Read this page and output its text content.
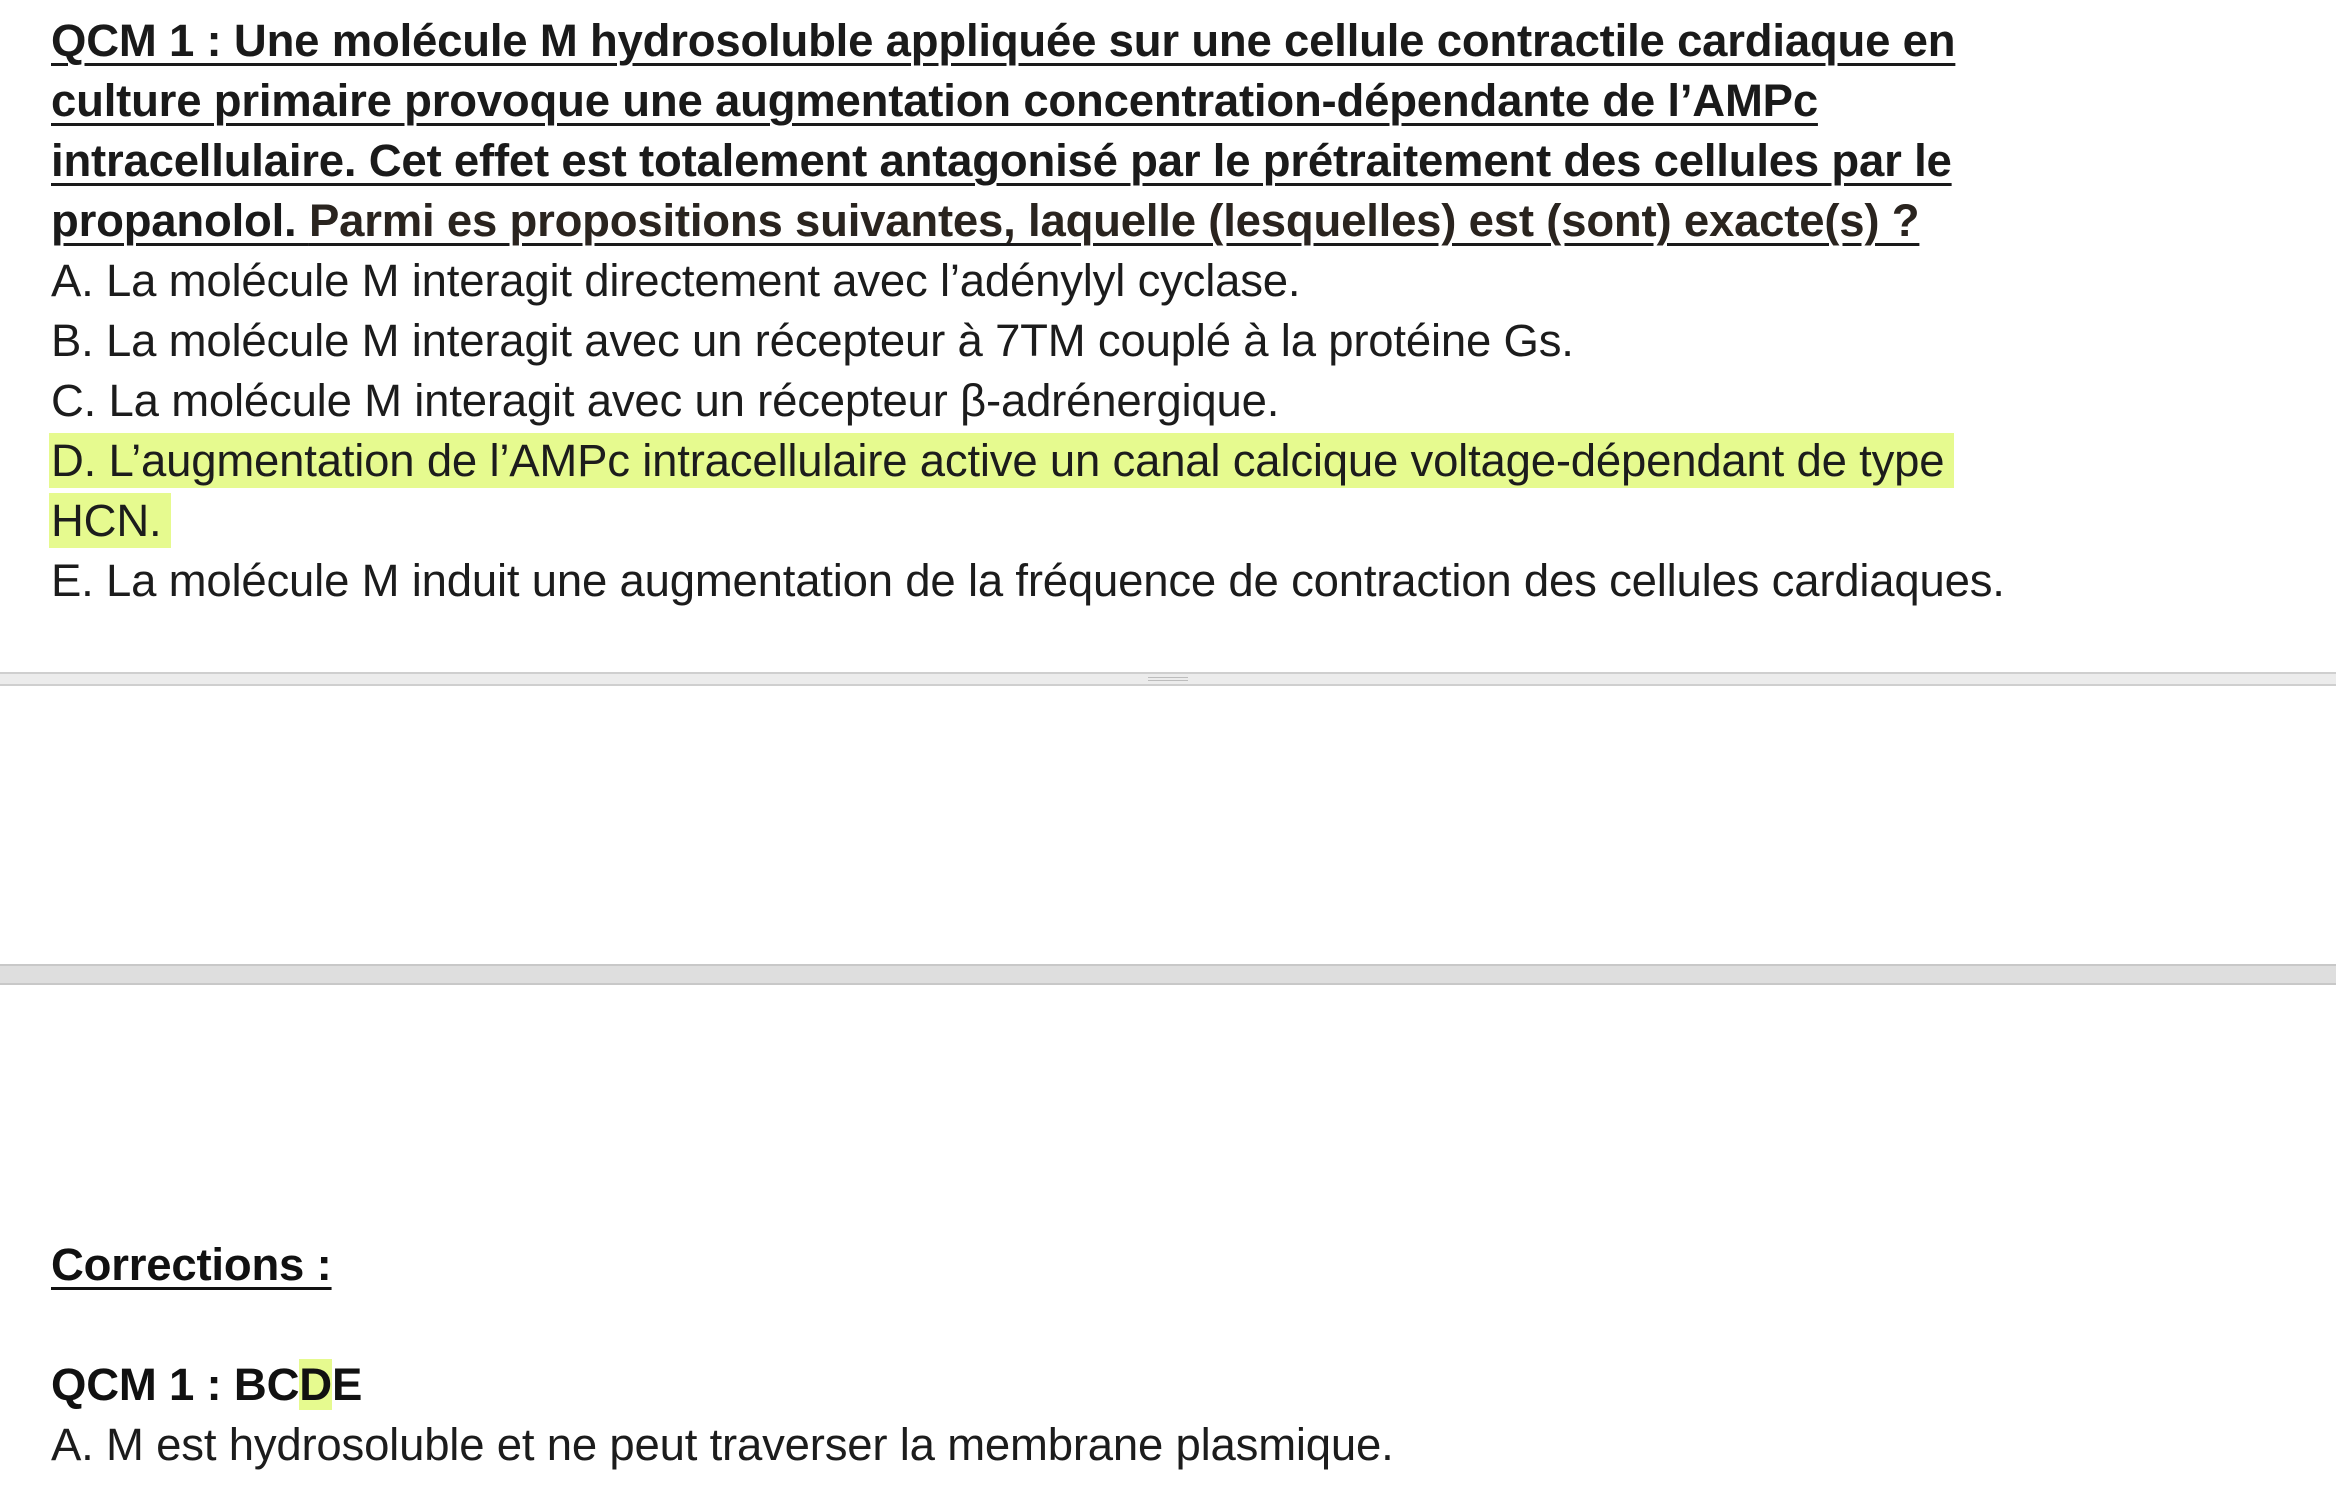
QCM 1 : Une molécule M hydrosoluble appliquée sur une cellule contractile cardiaque en
culture primaire provoque une augmentation concentration-dépendante de l’AMPc
intracellulaire. Cet effet est totalement antagonisé par le prétraitement des cellules par le
propanolol. Parmi es propositions suivantes, laquelle (lesquelles) est (sont) exacte(s) ?
A. La molécule M interagit directement avec l’adénylyl cyclase.
B. La molécule M interagit avec un récepteur à 7TM couplé à la protéine Gs.
C. La molécule M interagit avec un récepteur β-adrénergique.
D. L’augmentation de l’AMPc intracellulaire active un canal calcique voltage-dépendant de type
HCN.
E. La molécule M induit une augmentation de la fréquence de contraction des cellules cardiaques.
Corrections :
QCM 1 : BCDE
A. M est hydrosoluble et ne peut traverser la membrane plasmique.
